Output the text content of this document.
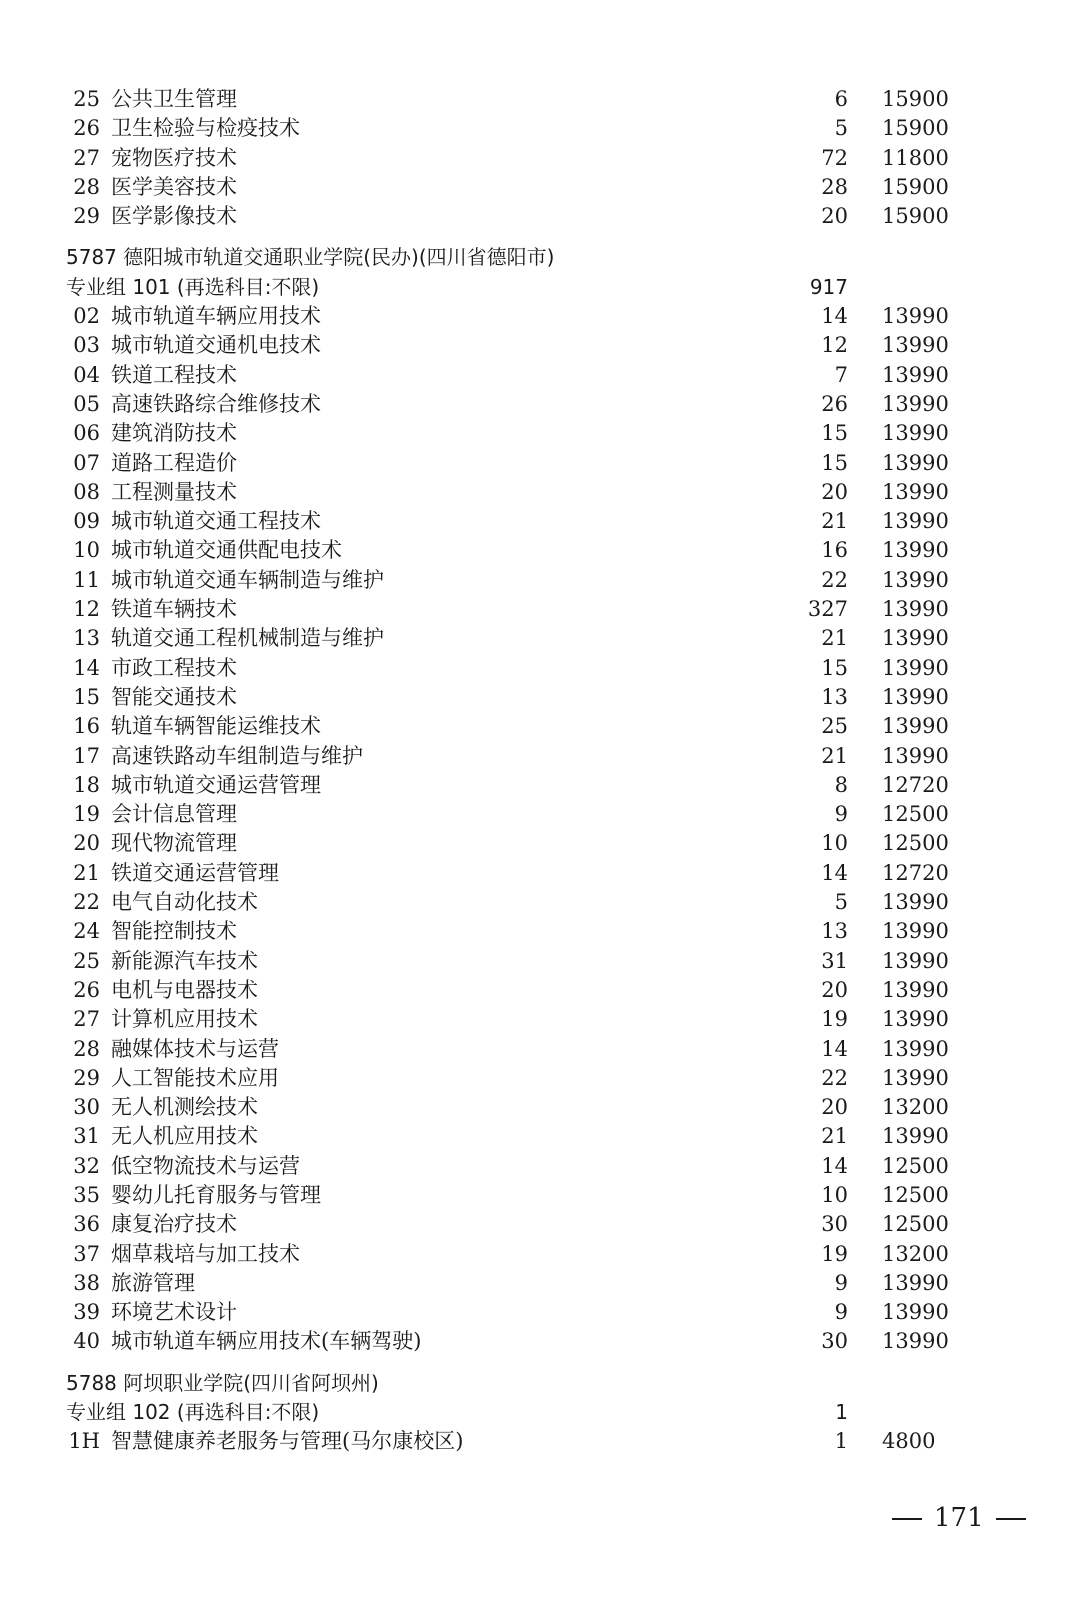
25 公共卫生管理	6 15900
26 卫生检验与检疫技术	5 15900
27 宠物医疗技术	72 11800
28 医学美容技术	28 15900
29 医学影像技术	20 15900
5787 德阳城市轨道交通职业学院(民办)(四川省德阳市)
专业组 101 (再选科目:不限)	917
02 城市轨道车辆应用技术	14 13990
03 城市轨道交通机电技术	12 13990
04 铁道工程技术	7 13990
05 高速铁路综合维修技术	26 13990
06 建筑消防技术	15 13990
07 道路工程造价	15 13990
08 工程测量技术	20 13990
09 城市轨道交通工程技术	21 13990
10 城市轨道交通供配电技术	16 13990
11 城市轨道交通车辆制造与维护	22 13990
12 铁道车辆技术	327 13990
13 轨道交通工程机械制造与维护	21 13990
14 市政工程技术	15 13990
15 智能交通技术	13 13990
16 轨道车辆智能运维技术	25 13990
17 高速铁路动车组制造与维护	21 13990
18 城市轨道交通运营管理	8 12720
19 会计信息管理	9 12500
20 现代物流管理	10 12500
21 铁道交通运营管理	14 12720
22 电气自动化技术	5 13990
24 智能控制技术	13 13990
25 新能源汽车技术	31 13990
26 电机与电器技术	20 13990
27 计算机应用技术	19 13990
28 融媒体技术与运营	14 13990
29 人工智能技术应用	22 13990
30 无人机测绘技术	20 13200
31 无人机应用技术	21 13990
32 低空物流技术与运营	14 12500
35 婴幼儿托育服务与管理	10 12500
36 康复治疗技术	30 12500
37 烟草栽培与加工技术	19 13200
38 旅游管理	9 13990
39 环境艺术设计	9 13990
40 城市轨道车辆应用技术(车辆驾驶)	30 13990
5788 阿坝职业学院(四川省阿坝州)
专业组 102 (再选科目:不限)	1
1H 智慧健康养老服务与管理(马尔康校区)	1 4800
171
